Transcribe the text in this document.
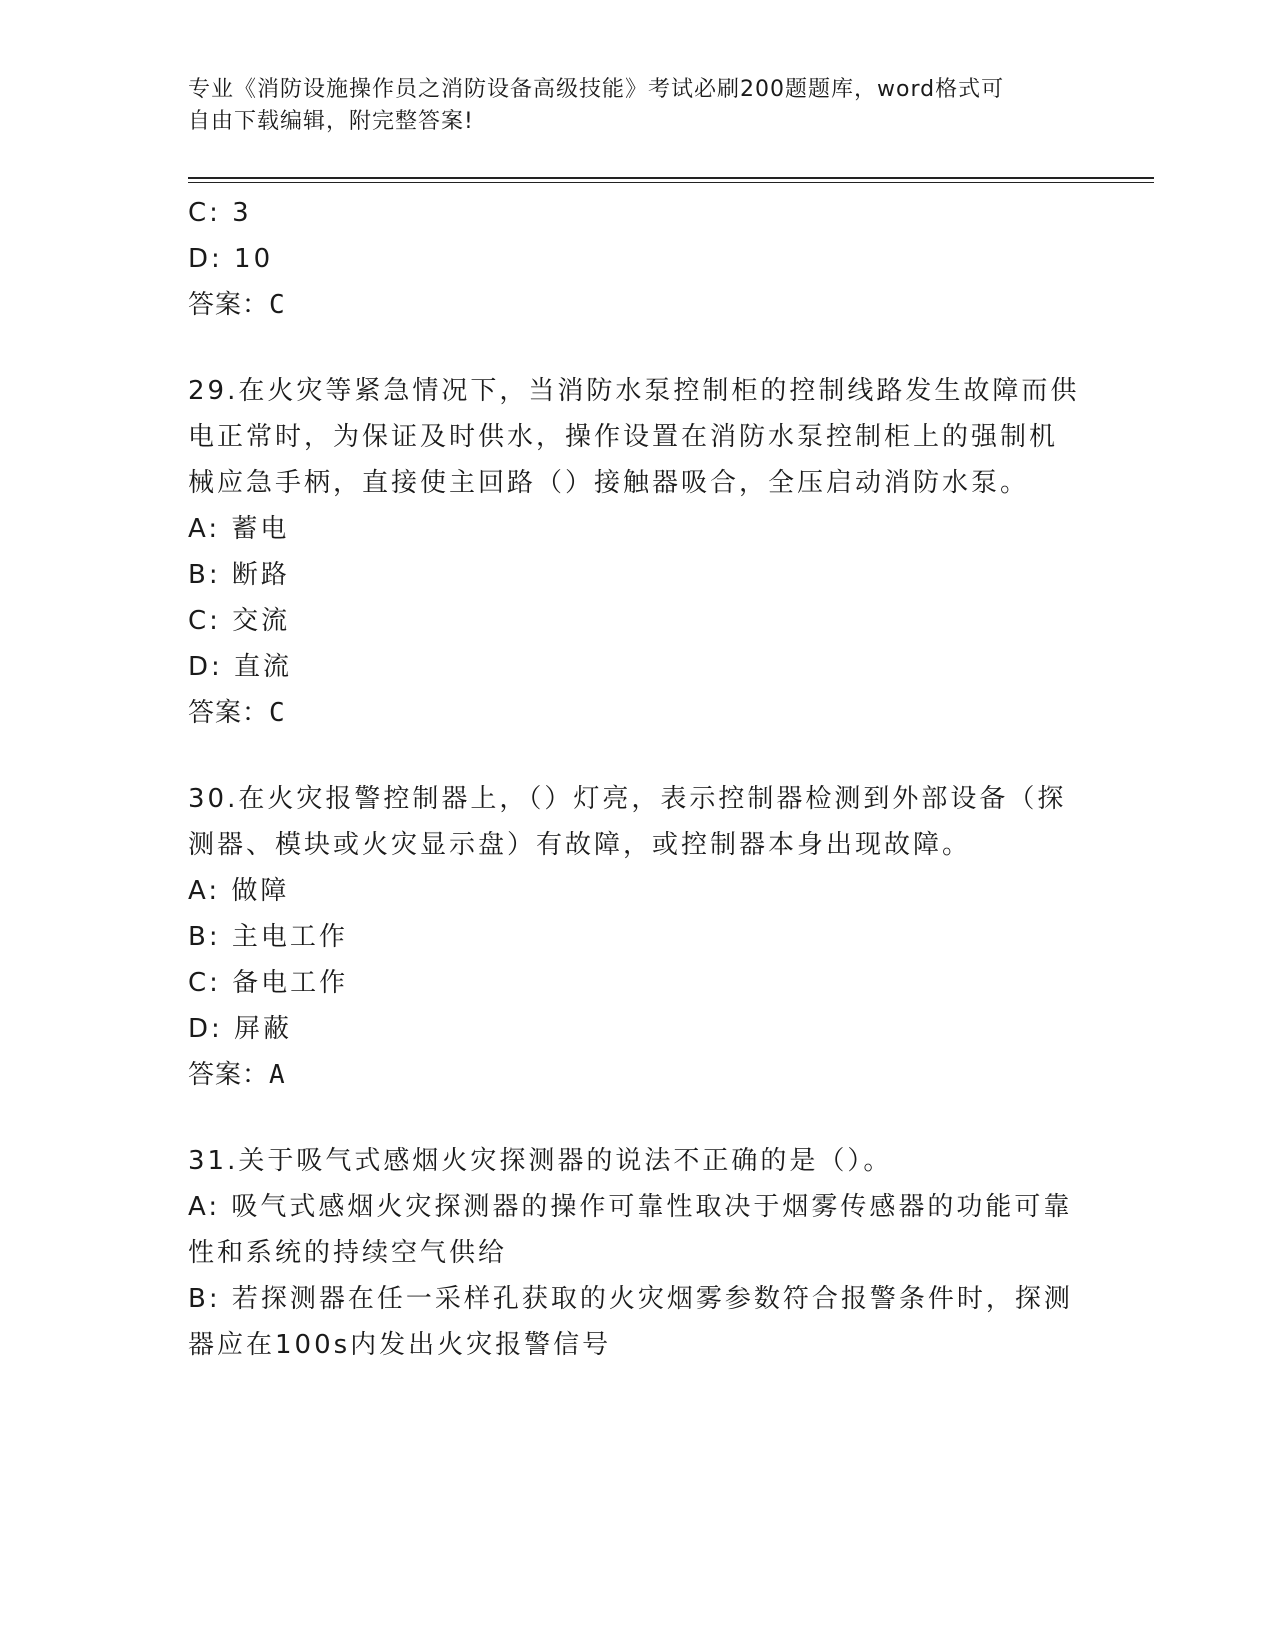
专业《消防设施操作员之消防设备高级技能》考试必刷200题题库，word格式可
自由下载编辑，附完整答案!
C: 3
D: 10
答案：C
29.在火灾等紧急情况下，当消防水泵控制柜的控制线路发生故障而供
电正常时，为保证及时供水，操作设置在消防水泵控制柜上的强制机
械应急手柄，直接使主回路（）接触器吸合，全压启动消防水泵。
A: 蓄电
B: 断路
C: 交流
D: 直流
答案：C
30.在火灾报警控制器上，（）灯亮，表示控制器检测到外部设备（探
测器、模块或火灾显示盘）有故障，或控制器本身出现故障。
A: 做障
B: 主电工作
C: 备电工作
D: 屏蔽
答案：A
31.关于吸气式感烟火灾探测器的说法不正确的是（）。
A: 吸气式感烟火灾探测器的操作可靠性取决于烟雾传感器的功能可靠
性和系统的持续空气供给
B: 若探测器在任一采样孔获取的火灾烟雾参数符合报警条件时，探测
器应在100s内发出火灾报警信号
